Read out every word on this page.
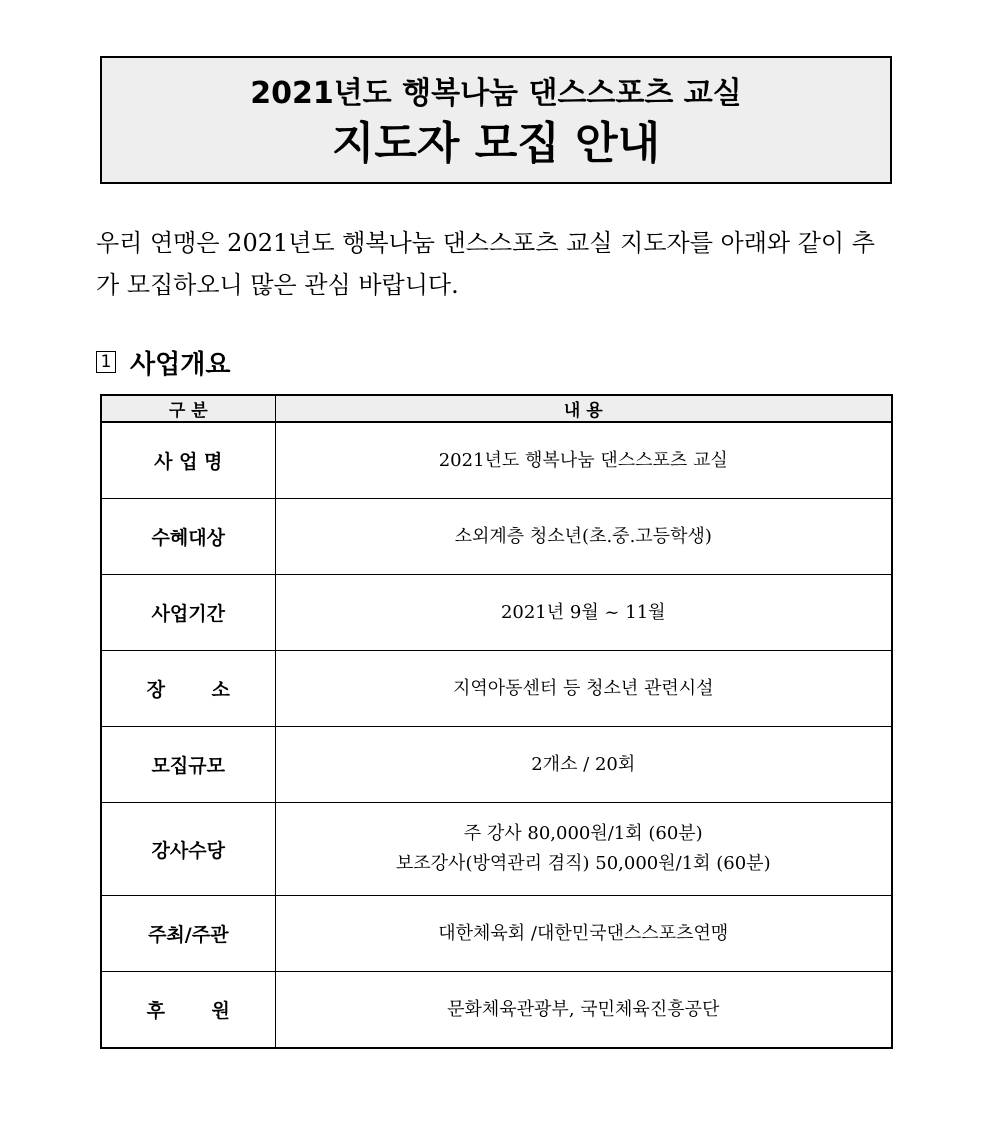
2021년도 행복나눔 댄스스포츠 교실
지도자 모집 안내

우리 연맹은 2021년도 행복나눔 댄스스포츠 교실 지도자를 아래와 같이 추가 모집하오니 많은 관심 바랍니다.

1 사업개요
구 분	내 용
사 업 명	2021년도 행복나눔 댄스스포츠 교실
수혜대상	소외계층 청소년(초.중.고등학생)
사업기간	2021년 9월 ~ 11월
장 소	지역아동센터 등 청소년 관련시설
모집규모	2개소 / 20회
강사수당	주 강사 80,000원/1회 (60분)
보조강사(방역관리 겸직) 50,000원/1회 (60분)

주최/주관	대한체육회 /대한민국댄스스포츠연맹
후 원	문화체육관광부, 국민체육진흥공단
